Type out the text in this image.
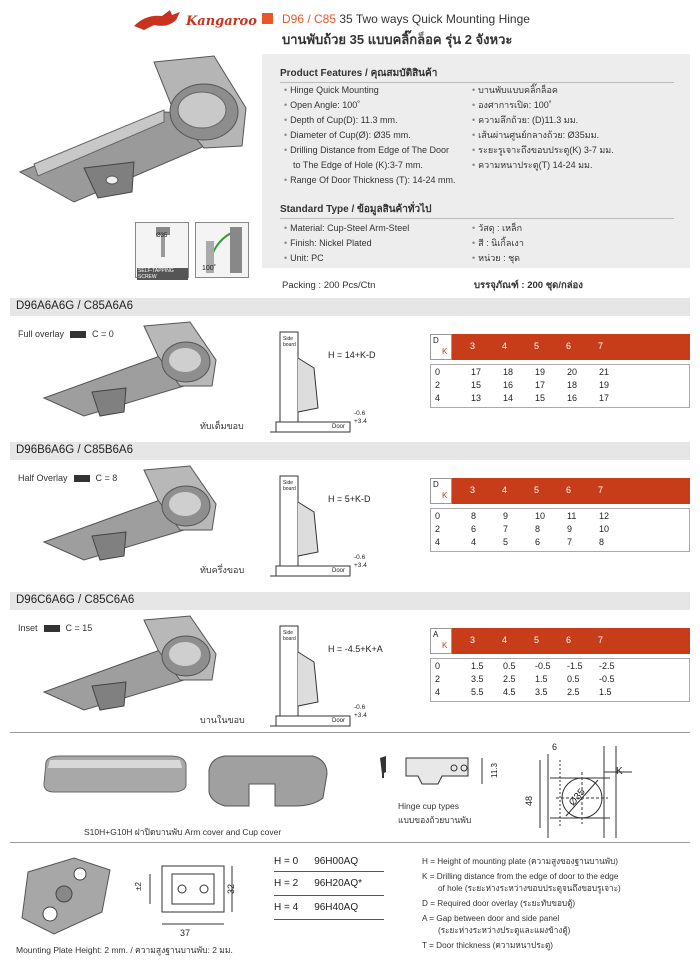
Kangaroo D96 / C85 35 Two ways Quick Mounting Hinge
บานพับถ้วย 35 แบบคลิ๊กล็อค รุ่น 2 จังหวะ
Ø35
SELF-TAPPING SCREW
100˚
Product Features / คุณสมบัติสินค้า
• Hinge Quick Mounting
• Open Angle: 100˚
• Depth of Cup(D): 11.3 mm.
• Diameter of Cup(Ø): Ø35 mm.
• Drilling Distance from Edge of The Door
to The Edge of Hole (K):3-7 mm.
• Range Of Door Thickness (T): 14-24 mm.
• บานพับแบบคลิ๊กล็อค
• องศาการเปิด: 100˚
• ความลึกถ้วย: (D)11.3 มม.
• เส้นผ่านศูนย์กลางถ้วย: Ø35มม.
• ระยะรูเจาะถึงขอบประตู(K) 3-7 มม.
• ความหนาประตู(T) 14-24 มม.
Standard Type / ข้อมูลสินค้าทั่วไป
• Material: Cup-Steel Arm-Steel
• Finish: Nickel Plated
• Unit: PC
• วัสดุ : เหล็ก
• สี : นิเกิ้ลเงา
• หน่วย : ชุด
Packing : 200 Pcs/Ctn	บรรจุภัณฑ์ : 200 ชุด/กล่อง
D96A6A6G / C85A6A6
Full overlay	C = 0
ทับเต็มขอบ
Side board
Door
-0.6
+3.4
H = 14+K-D
D
K
3	4	5	6	7
0	17 18 19 20 21
2	15 16 17 18 19
4	13 14 15 16 17
D96B6A6G / C85B6A6
Half Overlay	C = 8
ทับครึ่งขอบ
Side board
Door
-0.6
+3.4
H = 5+K-D
D
K
3	4	5	6	7
0	8	9	10 11	12
2	6	7	8	9	10
4	4	5	6	7	8
D96C6A6G / C85C6A6
Inset	C = 15
บานในขอบ
Side board
Door
-0.6
+3.4
H = -4.5+K+A
A
K
3	4	5	6	7
0	1.5 0.5 -0.5 -1.5 -2.5
2	3.5 2.5 1.5 0.5 -0.5
4	5.5 4.5 3.5 2.5 1.5
S10H+G10H ฝาปิดบานพับ Arm cover and Cup cover
11.3
Hinge cup types
แบบของถ้วยบานพับ
6
K
Ø35
48
32
37
±2
Mounting Plate Height: 2 mm. / ความสูงฐานบานพับ: 2 มม.
H = 0 96H00AQ
H = 2 96H20AQ*
H = 4 96H40AQ
H = Height of mounting plate (ความสูงของฐานบานพับ)
K = Drilling distance from the edge of door to the edge
of hole (ระยะห่างระหว่างขอบประตูจนถึงขอบรูเจาะ)
D = Required door overlay (ระยะทับขอบตู้)
A = Gap between door and side panel
(ระยะห่างระหว่างประตูและแผงข้างตู้)
T = Door thickness (ความหนาประตู)
